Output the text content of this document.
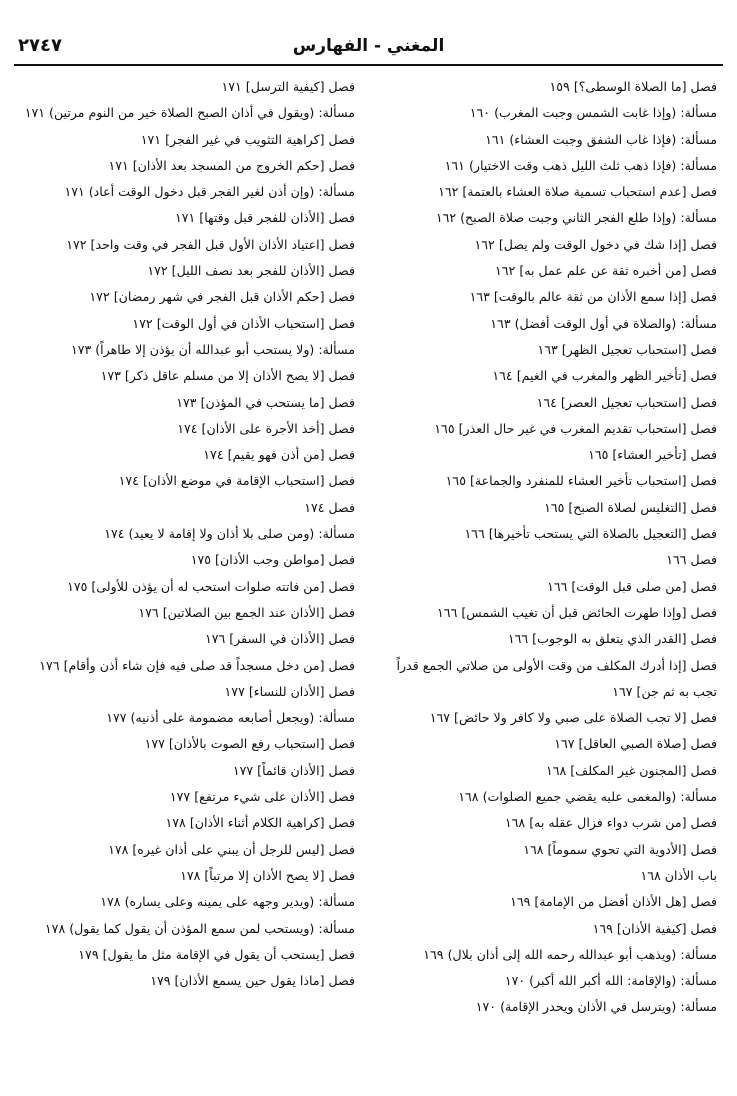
المغني - الفهارس
٢٧٤٧
فصل [ما الصلاة الوسطى؟] ١٥٩
مسألة: (وإذا غابت الشمس وجبت المغرب) ١٦٠
مسألة: (فإذا غاب الشفق وجبت العشاء) ١٦١
مسألة: (فإذا ذهب ثلث الليل ذهب وقت الاختيار) ١٦١
فصل [عدم استحباب تسمية صلاة العشاء بالعتمة] ١٦٢
مسألة: (وإذا طلع الفجر الثاني وجبت صلاة الصبح) ١٦٢
فصل [إذا شك في دخول الوقت ولم يصل] ١٦٢
فصل [من أخبره ثقة عن علم عمل به] ١٦٢
فصل [إذا سمع الأذان من ثقة عالم بالوقت] ١٦٣
مسألة: (والصلاة في أول الوقت أفضل) ١٦٣
فصل [استحباب تعجيل الظهر] ١٦٣
فصل [تأخير الظهر والمغرب في الغيم] ١٦٤
فصل [استحباب تعجيل العصر] ١٦٤
فصل [استحباب تقديم المغرب في غير حال العذر] ١٦٥
فصل [تأخير العشاء] ١٦٥
فصل [استحباب تأخير العشاء للمنفرد والجماعة] ١٦٥
فصل [التغليس لصلاة الصبح] ١٦٥
فصل [التعجيل بالصلاة التي يستحب تأخيرها] ١٦٦
فصل ١٦٦
فصل [من صلى قبل الوقت] ١٦٦
فصل [وإذا طهرت الحائض قبل أن تغيب الشمس] ١٦٦
فصل [القدر الذي يتعلق به الوجوب] ١٦٦
فصل [إذا أدرك المكلف من وقت الأولى من صلاتي الجمع قدراً تجب به ثم جن] ١٦٧
فصل [لا تجب الصلاة على صبي ولا كافر ولا حائض] ١٦٧
فصل [صلاة الصبي العاقل] ١٦٧
فصل [المجنون غير المكلف] ١٦٨
مسألة: (والمغمى عليه يقضي جميع الصلوات) ١٦٨
فصل [من شرب دواء فزال عقله به] ١٦٨
فصل [الأدوية التي تحوي سموماً] ١٦٨
باب الأذان ١٦٨
فصل [هل الأذان أفضل من الإمامة] ١٦٩
فصل [كيفية الأذان] ١٦٩
مسألة: (ويذهب أبو عبدالله رحمه الله إلى أذان بلال) ١٦٩
مسألة: (والإقامة: الله أكبر الله أكبر) ١٧٠
مسألة: (ويترسل في الأذان ويحدر الإقامة) ١٧٠
فصل [كيفية الترسل] ١٧١
مسألة: (ويقول في أذان الصبح الصلاة خير من النوم مرتين) ١٧١
فصل [كراهية التثويب في غير الفجر] ١٧١
فصل [حكم الخروج من المسجد بعد الأذان] ١٧١
مسألة: (وإن أذن لغير الفجر قبل دخول الوقت أعاد) ١٧١
فصل [الأذان للفجر قبل وقتها] ١٧١
فصل [اعتياد الأذان الأول قبل الفجر في وقت واحد] ١٧٢
فصل [الأذان للفجر بعد نصف الليل] ١٧٢
فصل [حكم الأذان قبل الفجر في شهر رمضان] ١٧٢
فصل [استحباب الأذان في أول الوقت] ١٧٢
مسألة: (ولا يستحب أبو عبدالله أن يؤذن إلا طاهراً) ١٧٣
فصل [لا يصح الأذان إلا من مسلم عاقل ذكر] ١٧٣
فصل [ما يستحب في المؤذن] ١٧٣
فصل [أخذ الأجرة على الأذان] ١٧٤
فصل [من أذن فهو يقيم] ١٧٤
فصل [استحباب الإقامة في موضع الأذان] ١٧٤
فصل ١٧٤
مسألة: (ومن صلى بلا أذان ولا إقامة لا يعيد) ١٧٤
فصل [مواطن وجب الأذان] ١٧٥
فصل [من فاتته صلوات استحب له أن يؤذن للأولى] ١٧٥
فصل [الأذان عند الجمع بين الصلاتين] ١٧٦
فصل [الأذان في السفر] ١٧٦
فصل [من دخل مسجداً قد صلى فيه فإن شاء أذن وأقام] ١٧٦
فصل [الأذان للنساء] ١٧٧
مسألة: (ويجعل أصابعه مضمومة على أذنيه) ١٧٧
فصل [استحباب رفع الصوت بالأذان] ١٧٧
فصل [الأذان قائماً] ١٧٧
فصل [الأذان على شيء مرتفع] ١٧٧
فصل [كراهية الكلام أثناء الأذان] ١٧٨
فصل [ليس للرجل أن يبني على أذان غيره] ١٧٨
فصل [لا يصح الأذان إلا مرتباً] ١٧٨
مسألة: (ويدير وجهه على يمينه وعلى يساره) ١٧٨
مسألة: (ويستحب لمن سمع المؤذن أن يقول كما يقول) ١٧٨
فصل [يستحب أن يقول في الإقامة مثل ما يقول] ١٧٩
فصل [ماذا يقول حين يسمع الأذان] ١٧٩
